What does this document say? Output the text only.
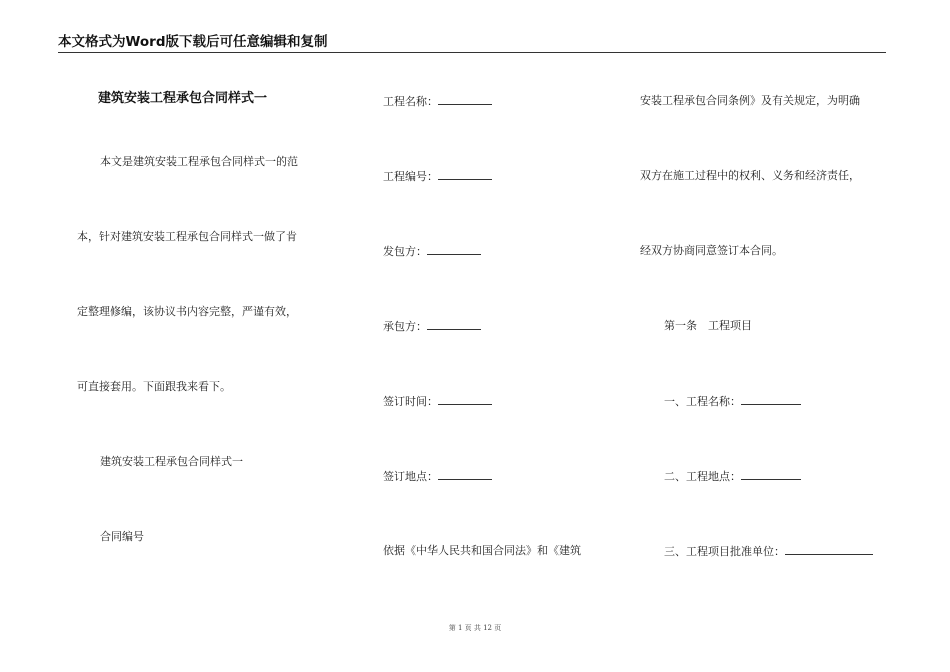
本文格式为Word版下载后可任意编辑和复制
建筑安装工程承包合同样式一
本文是建筑安装工程承包合同样式一的范
本，针对建筑安装工程承包合同样式一做了肯
定整理修编，该协议书内容完整，严谨有效，
可直接套用。下面跟我来看下。
建筑安装工程承包合同样式一
合同编号
工程名称：
工程编号：
发包方：
承包方：
签订时间：
签订地点：
依据《中华人民共和国合同法》和《建筑
安装工程承包合同条例》及有关规定，为明确
双方在施工过程中的权利、义务和经济责任，
经双方协商同意签订本合同。
第一条　工程项目
一、工程名称：
二、工程地点：
三、工程项目批准单位：
第 1 页 共 12 页
